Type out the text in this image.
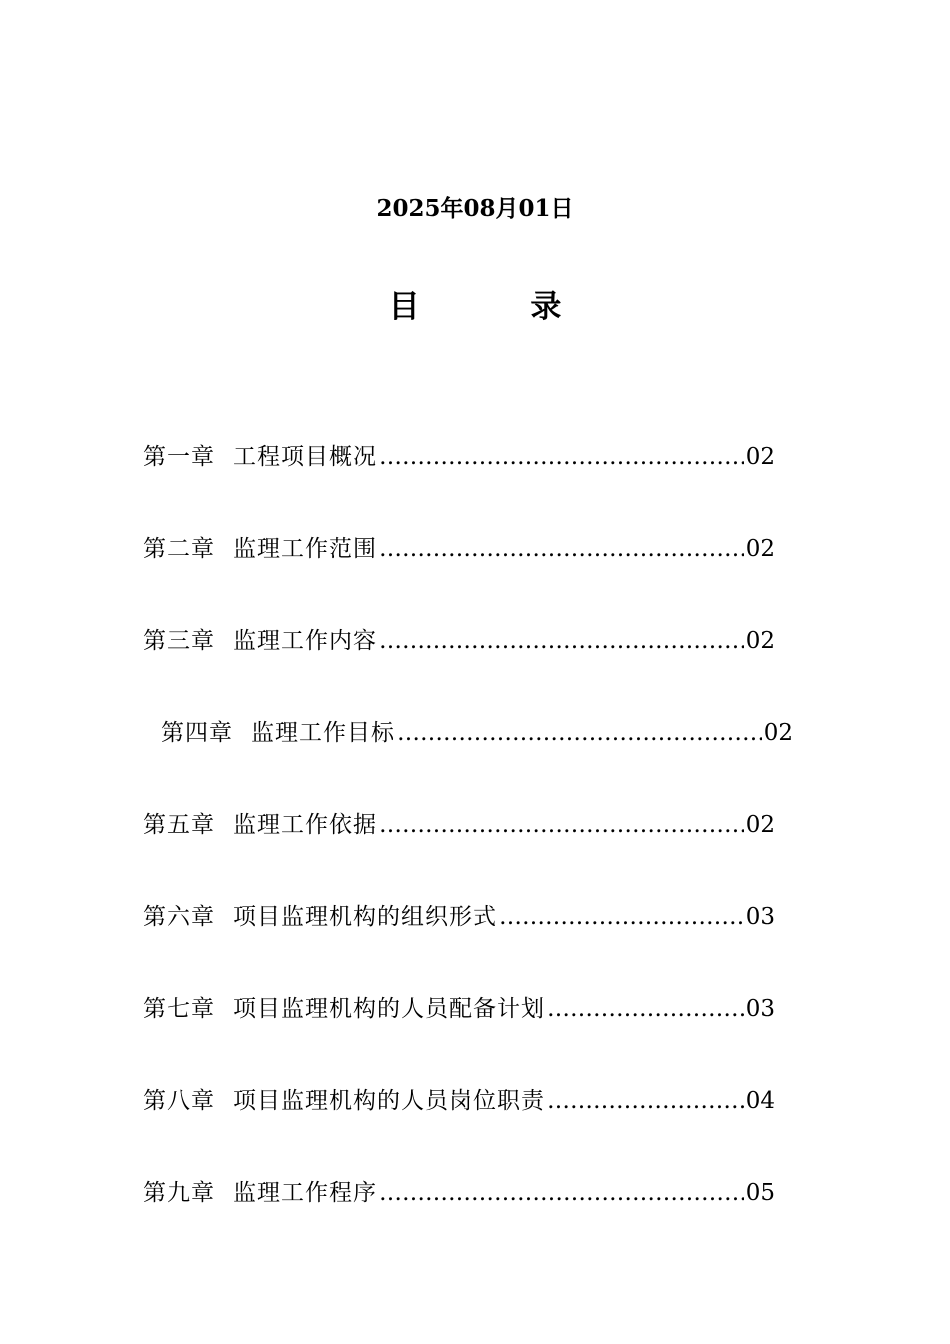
2025年08月01日
目 录
第一章 工程项目概况 …………………………………………………………………………………………………………………………	02
第二章 监理工作范围 …………………………………………………………………………………………………………………………	02
第三章 监理工作内容 …………………………………………………………………………………………………………………………	02
第四章 监理工作目标 …………………………………………………………………………………………………………………………	02
第五章 监理工作依据 …………………………………………………………………………………………………………………………	02
第六章 项目监理机构的组织形式 …………………………………………………………………………………………………………………………	03
第七章 项目监理机构的人员配备计划 …………………………………………………………………………………………………………………………	03
第八章 项目监理机构的人员岗位职责 …………………………………………………………………………………………………………………………	04
第九章 监理工作程序 …………………………………………………………………………………………………………………………	05
